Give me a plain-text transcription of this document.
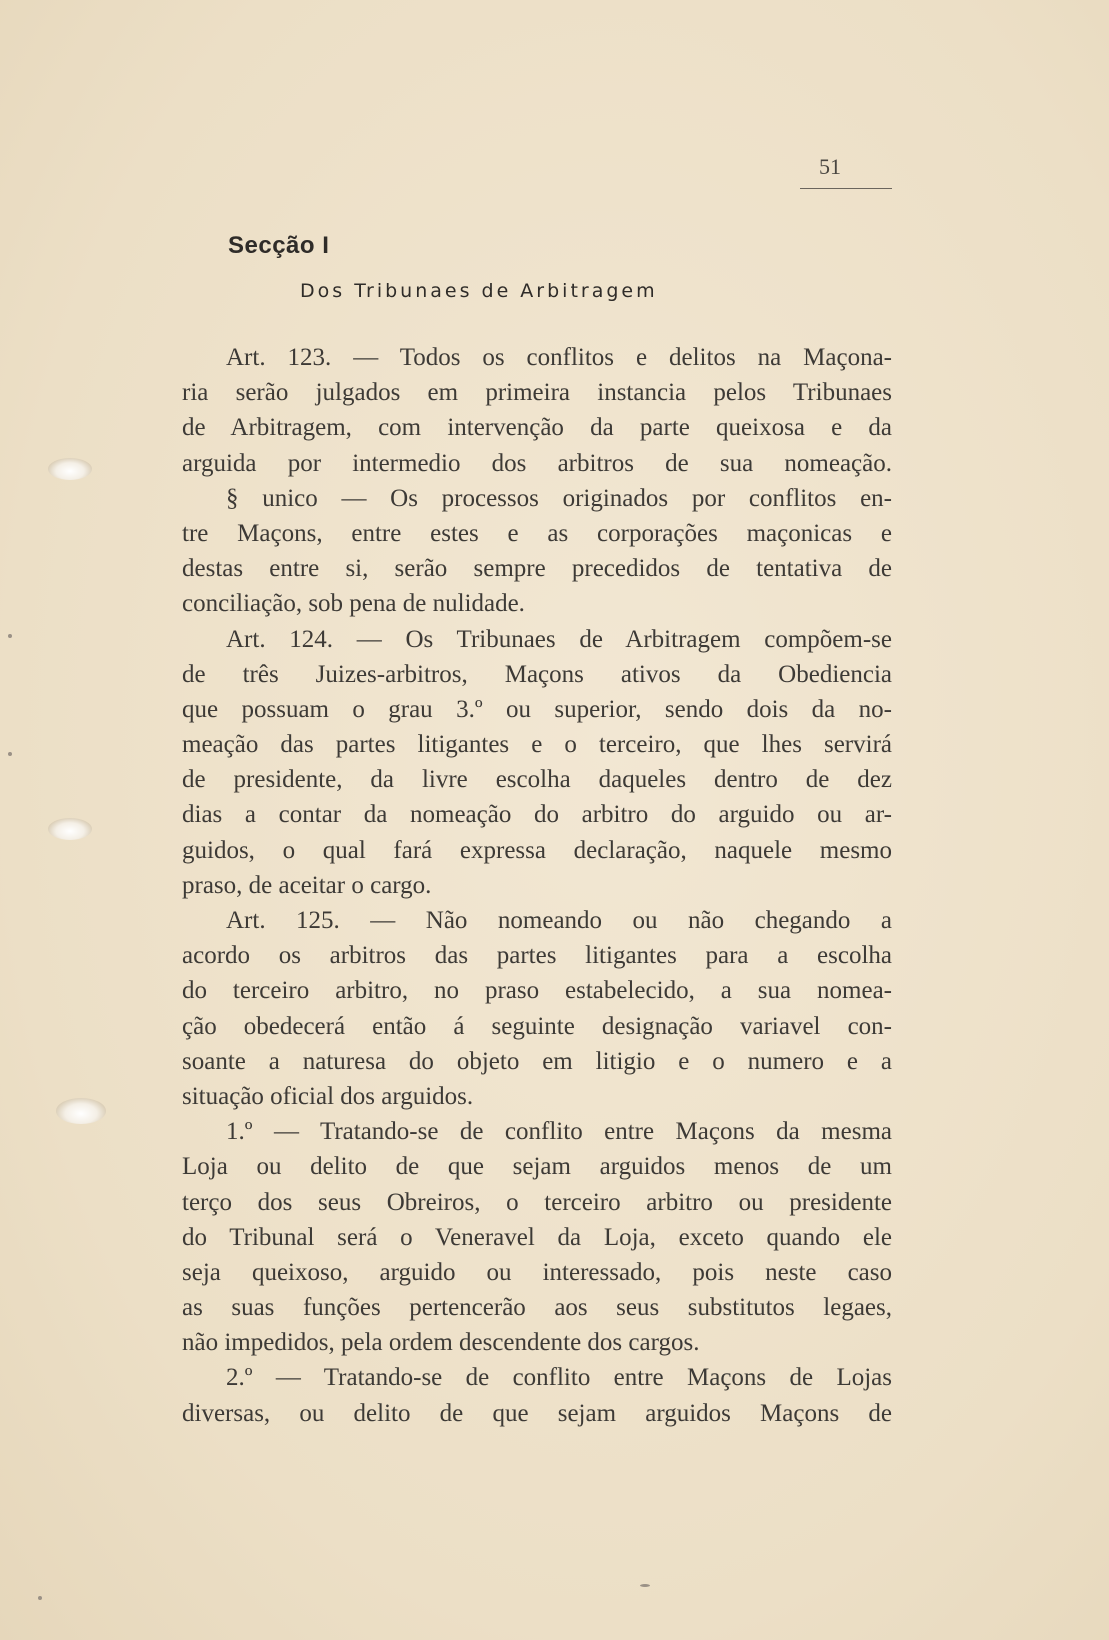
51
Secção I
Dos Tribunaes de Arbitragem
Art. 123. — Todos os conflitos e delitos na Maçona-
ria serão julgados em primeira instancia pelos Tribunaes
de Arbitragem, com intervenção da parte queixosa e da
arguida por intermedio dos arbitros de sua nomeação.
§ unico — Os processos originados por conflitos en-
tre Maçons, entre estes e as corporações maçonicas e
destas entre si, serão sempre precedidos de tentativa de
conciliação, sob pena de nulidade.
Art. 124. — Os Tribunaes de Arbitragem compõem-se
de três Juizes-arbitros, Maçons ativos da Obediencia
que possuam o grau 3.º ou superior, sendo dois da no-
meação das partes litigantes e o terceiro, que lhes servirá
de presidente, da livre escolha daqueles dentro de dez
dias a contar da nomeação do arbitro do arguido ou ar-
guidos, o qual fará expressa declaração, naquele mesmo
praso, de aceitar o cargo.
Art. 125. — Não nomeando ou não chegando a
acordo os arbitros das partes litigantes para a escolha
do terceiro arbitro, no praso estabelecido, a sua nomea-
ção obedecerá então á seguinte designação variavel con-
soante a naturesa do objeto em litigio e o numero e a
situação oficial dos arguidos.
1.º — Tratando-se de conflito entre Maçons da mesma
Loja ou delito de que sejam arguidos menos de um
terço dos seus Obreiros, o terceiro arbitro ou presidente
do Tribunal será o Veneravel da Loja, exceto quando ele
seja queixoso, arguido ou interessado, pois neste caso
as suas funções pertencerão aos seus substitutos legaes,
não impedidos, pela ordem descendente dos cargos.
2.º — Tratando-se de conflito entre Maçons de Lojas
diversas, ou delito de que sejam arguidos Maçons de
